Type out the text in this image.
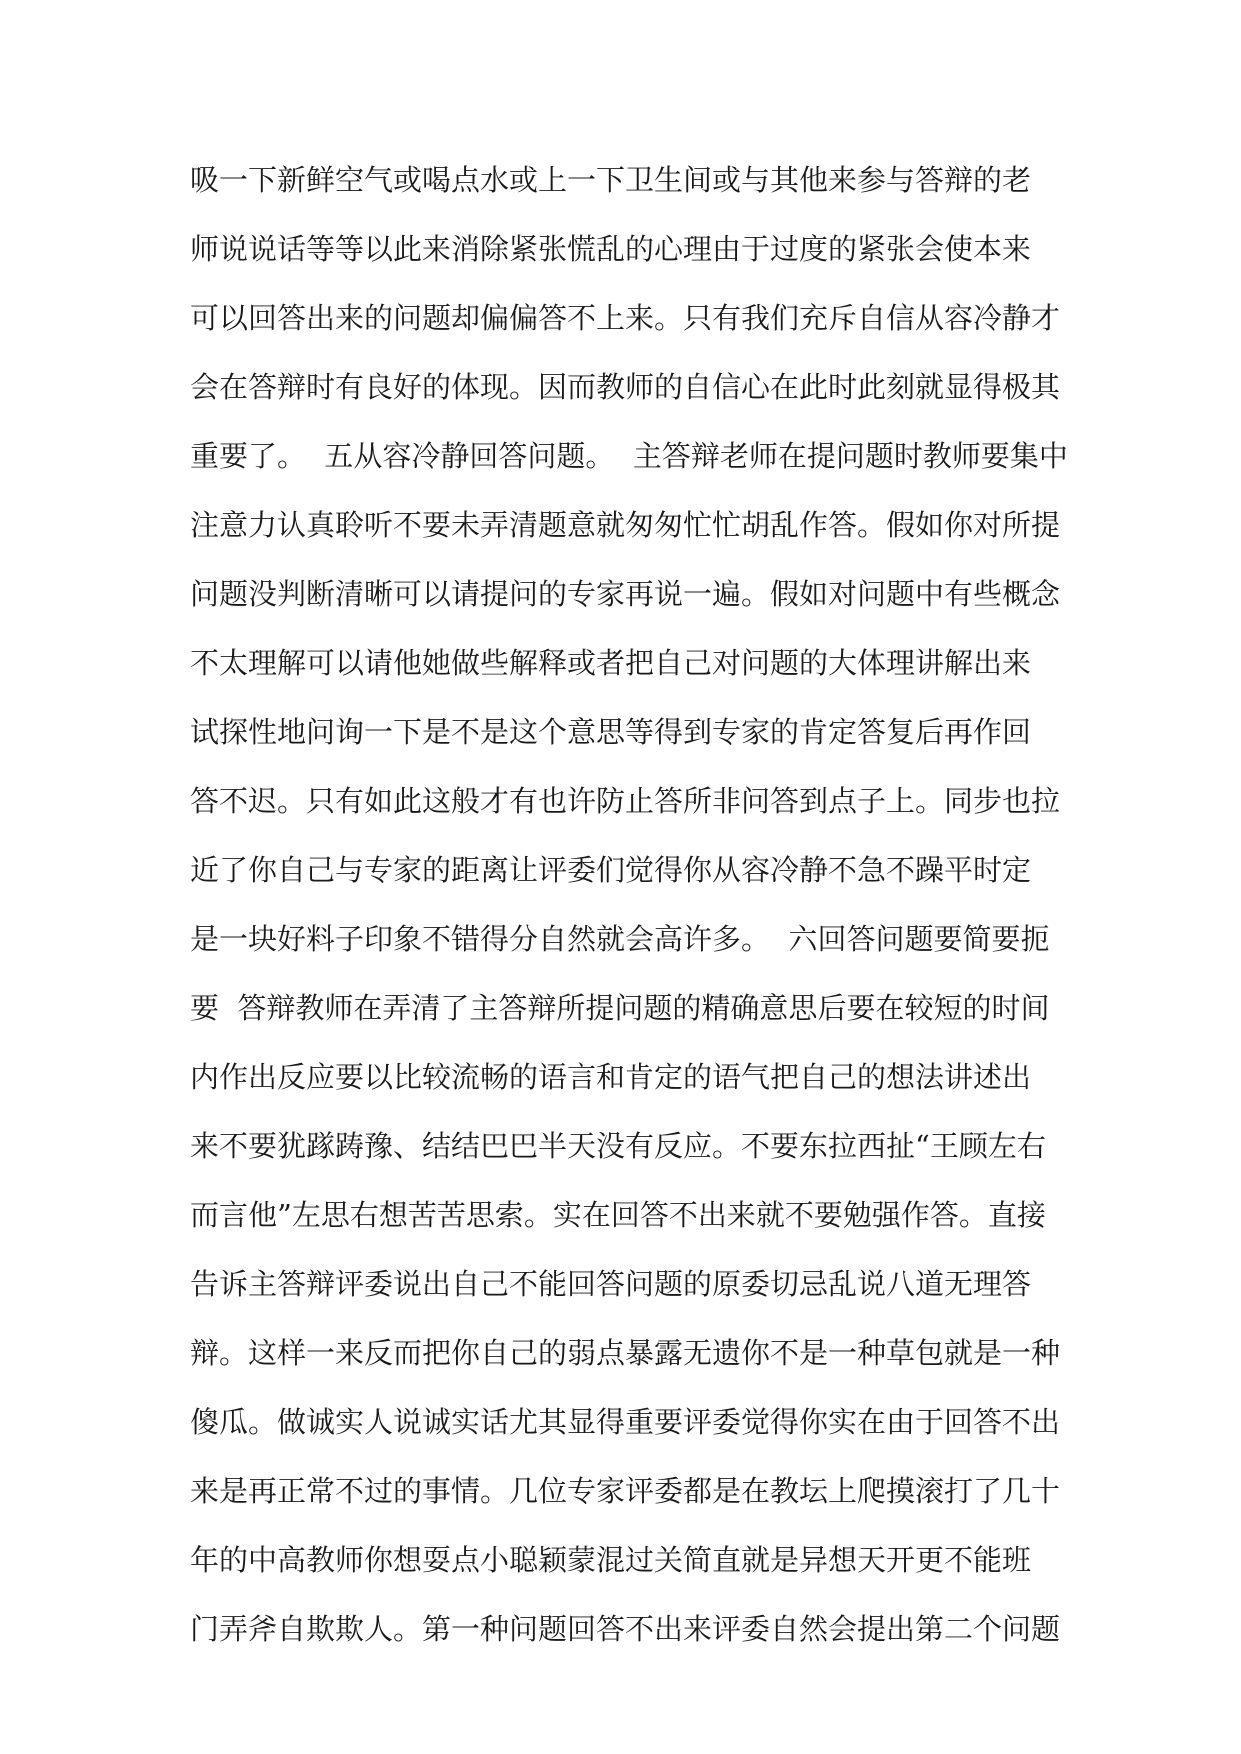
吸一下新鲜空气或喝点水或上一下卫生间或与其他来参与答辩的老
师说说话等等以此来消除紧张慌乱的心理由于过度的紧张会使本来
可以回答出来的问题却偏偏答不上来。只有我们充斥自信从容冷静才
会在答辩时有良好的体现。因而教师的自信心在此时此刻就显得极其
重要了。  五从容冷静回答问题。  主答辩老师在提问题时教师要集中
注意力认真聆听不要未弄清题意就匆匆忙忙胡乱作答。假如你对所提
问题没判断清晰可以请提问的专家再说一遍。假如对问题中有些概念
不太理解可以请他她做些解释或者把自己对问题的大体理讲解出来
试探性地问询一下是不是这个意思等得到专家的肯定答复后再作回
答不迟。只有如此这般才有也许防止答所非问答到点子上。同步也拉
近了你自己与专家的距离让评委们觉得你从容冷静不急不躁平时定
是一块好料子印象不错得分自然就会高许多。  六回答问题要简要扼
要  答辩教师在弄清了主答辩所提问题的精确意思后要在较短的时间
内作出反应要以比较流畅的语言和肯定的语气把自己的想法讲述出
来不要犹䠔踌豫、结结巴巴半天没有反应。不要东拉西扯“王顾左右
而言他”左思右想苦苦思索。实在回答不出来就不要勉强作答。直接
告诉主答辩评委说出自己不能回答问题的原委切忌乱说八道无理答
辩。这样一来反而把你自己的弱点暴露无遗你不是一种草包就是一种
傻瓜。做诚实人说诚实话尤其显得重要评委觉得你实在由于回答不出
来是再正常不过的事情。几位专家评委都是在教坛上爬摸滚打了几十
年的中高教师你想耍点小聪颖蒙混过关简直就是异想天开更不能班
门弄斧自欺欺人。第一种问题回答不出来评委自然会提出第二个问题
